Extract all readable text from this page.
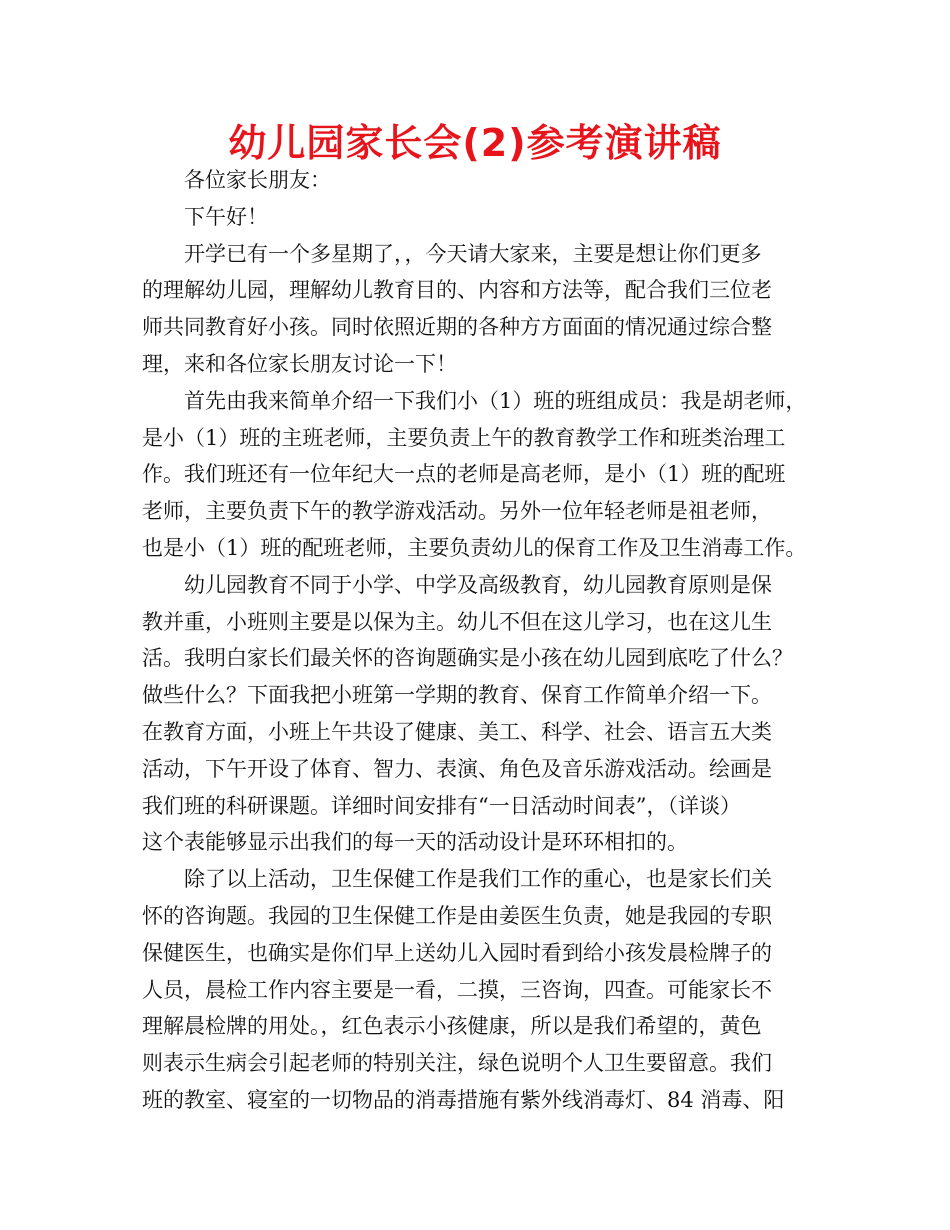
幼儿园家长会(2)参考演讲稿
各位家长朋友：
下午好！
开学已有一个多星期了，，今天请大家来，主要是想让你们更多
的理解幼儿园，理解幼儿教育目的、内容和方法等，配合我们三位老
师共同教育好小孩。同时依照近期的各种方方面面的情况通过综合整
理，来和各位家长朋友讨论一下！
首先由我来简单介绍一下我们小（1）班的班组成员：我是胡老师，
是小（1）班的主班老师，主要负责上午的教育教学工作和班类治理工
作。我们班还有一位年纪大一点的老师是高老师，是小（1）班的配班
老师，主要负责下午的教学游戏活动。另外一位年轻老师是祖老师，
也是小（1）班的配班老师，主要负责幼儿的保育工作及卫生消毒工作。
幼儿园教育不同于小学、中学及高级教育，幼儿园教育原则是保
教并重，小班则主要是以保为主。幼儿不但在这儿学习，也在这儿生
活。我明白家长们最关怀的咨询题确实是小孩在幼儿园到底吃了什么？
做些什么？下面我把小班第一学期的教育、保育工作简单介绍一下。
在教育方面，小班上午共设了健康、美工、科学、社会、语言五大类
活动，下午开设了体育、智力、表演、角色及音乐游戏活动。绘画是
我们班的科研课题。详细时间安排有“一日活动时间表”，（详谈）
这个表能够显示出我们的每一天的活动设计是环环相扣的。
除了以上活动，卫生保健工作是我们工作的重心，也是家长们关
怀的咨询题。我园的卫生保健工作是由姜医生负责，她是我园的专职
保健医生，也确实是你们早上送幼儿入园时看到给小孩发晨检牌子的
人员，晨检工作内容主要是一看，二摸，三咨询，四查。可能家长不
理解晨检牌的用处。，红色表示小孩健康，所以是我们希望的，黄色
则表示生病会引起老师的特别关注，绿色说明个人卫生要留意。我们
班的教室、寝室的一切物品的消毒措施有紫外线消毒灯、84 消毒、阳
